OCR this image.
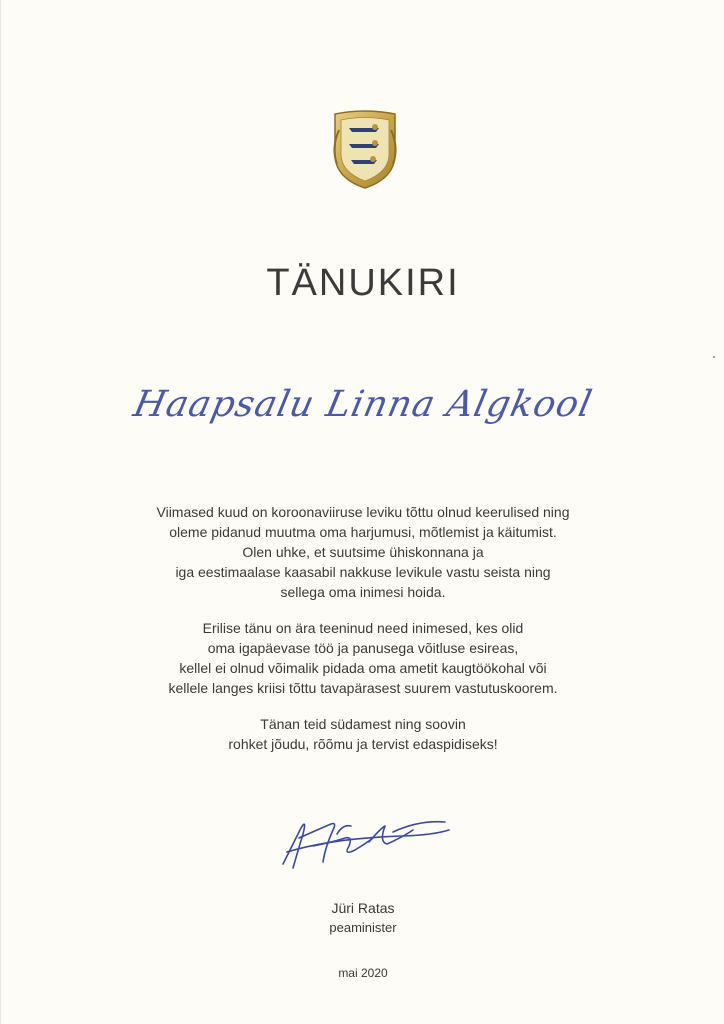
TÄNUKIRI
Haapsalu Linna Algkool

Viimased kuud on koroonaviiruse leviku tõttu olnud keerulised ning
oleme pidanud muutma oma harjumusi, mõtlemist ja käitumist.
Olen uhke, et suutsime ühiskonnana ja
iga eestimaalase kaasabil nakkuse levikule vastu seista ning
sellega oma inimesi hoida.

Erilise tänu on ära teeninud need inimesed, kes olid
oma igapäevase töö ja panusega võitluse esireas,
kellel ei olnud võimalik pidada oma ametit kaugtöökohal või
kellele langes kriisi tõttu tavapärasest suurem vastutuskoorem.

Tänan teid südamest ning soovin
rohket jõudu, rõõmu ja tervist edaspidiseks!

Jüri Ratas
peaminister
mai 2020
